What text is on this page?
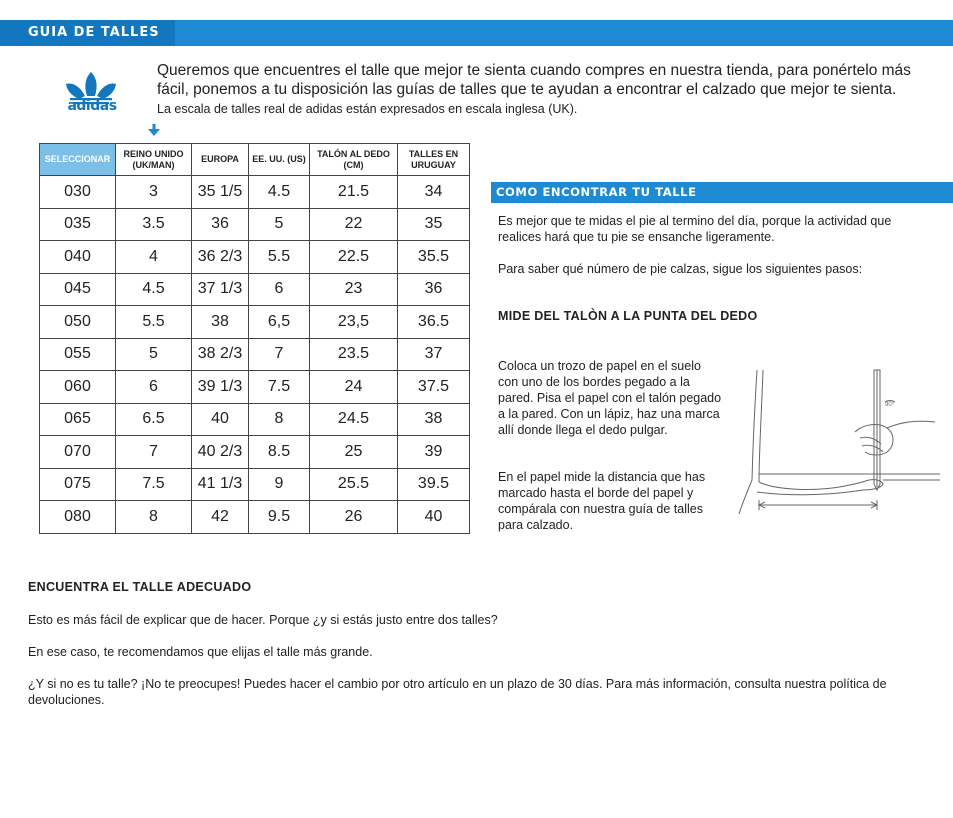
GUIA DE TALLES
adidas
Queremos que encuentres el talle que mejor te sienta cuando compres en nuestra tienda, para ponértelo más fácil, ponemos a tu disposición las guías de talles que te ayudan a encontrar el calzado que mejor te sienta.
La escala de talles real de adidas están expresados en escala inglesa (UK).
SELECCIONAR	REINO UNIDO (UK/MAN)	EUROPA	EE. UU. (US)	TALÓN AL DEDO (CM)	TALLES EN URUGUAY
030	3	35 1/5	4.5	21.5	34
035	3.5	36	5	22	35
040	4	36 2/3	5.5	22.5	35.5
045	4.5	37 1/3	6	23	36
050	5.5	38	6,5	23,5	36.5
055	5	38 2/3	7	23.5	37
060	6	39 1/3	7.5	24	37.5
065	6.5	40	8	24.5	38
070	7	40 2/3	8.5	25	39
075	7.5	41 1/3	9	25.5	39.5
080	8	42	9.5	26	40
COMO ENCONTRAR TU TALLE
Es mejor que te midas el pie al termino del día, porque la actividad que realices hará que tu pie se ensanche ligeramente.
Para saber qué número de pie calzas, sigue los siguientes pasos:
MIDE DEL TALÒN A LA PUNTA DEL DEDO
Coloca un trozo de papel en el suelo con uno de los bordes pegado a la pared. Pisa el papel con el talón pegado a la pared. Con un lápiz, haz una marca allí donde llega el dedo pulgar.
En el papel mide la distancia que has marcado hasta el borde del papel y compárala con nuestra guía de talles para calzado.
90°
ENCUENTRA EL TALLE ADECUADO
Esto es más fácil de explicar que de hacer. Porque ¿y si estás justo entre dos talles?
En ese caso, te recomendamos que elijas el talle más grande.
¿Y si no es tu talle? ¡No te preocupes! Puedes hacer el cambio por otro artículo en un plazo de 30 días. Para más información, consulta nuestra política de devoluciones.
